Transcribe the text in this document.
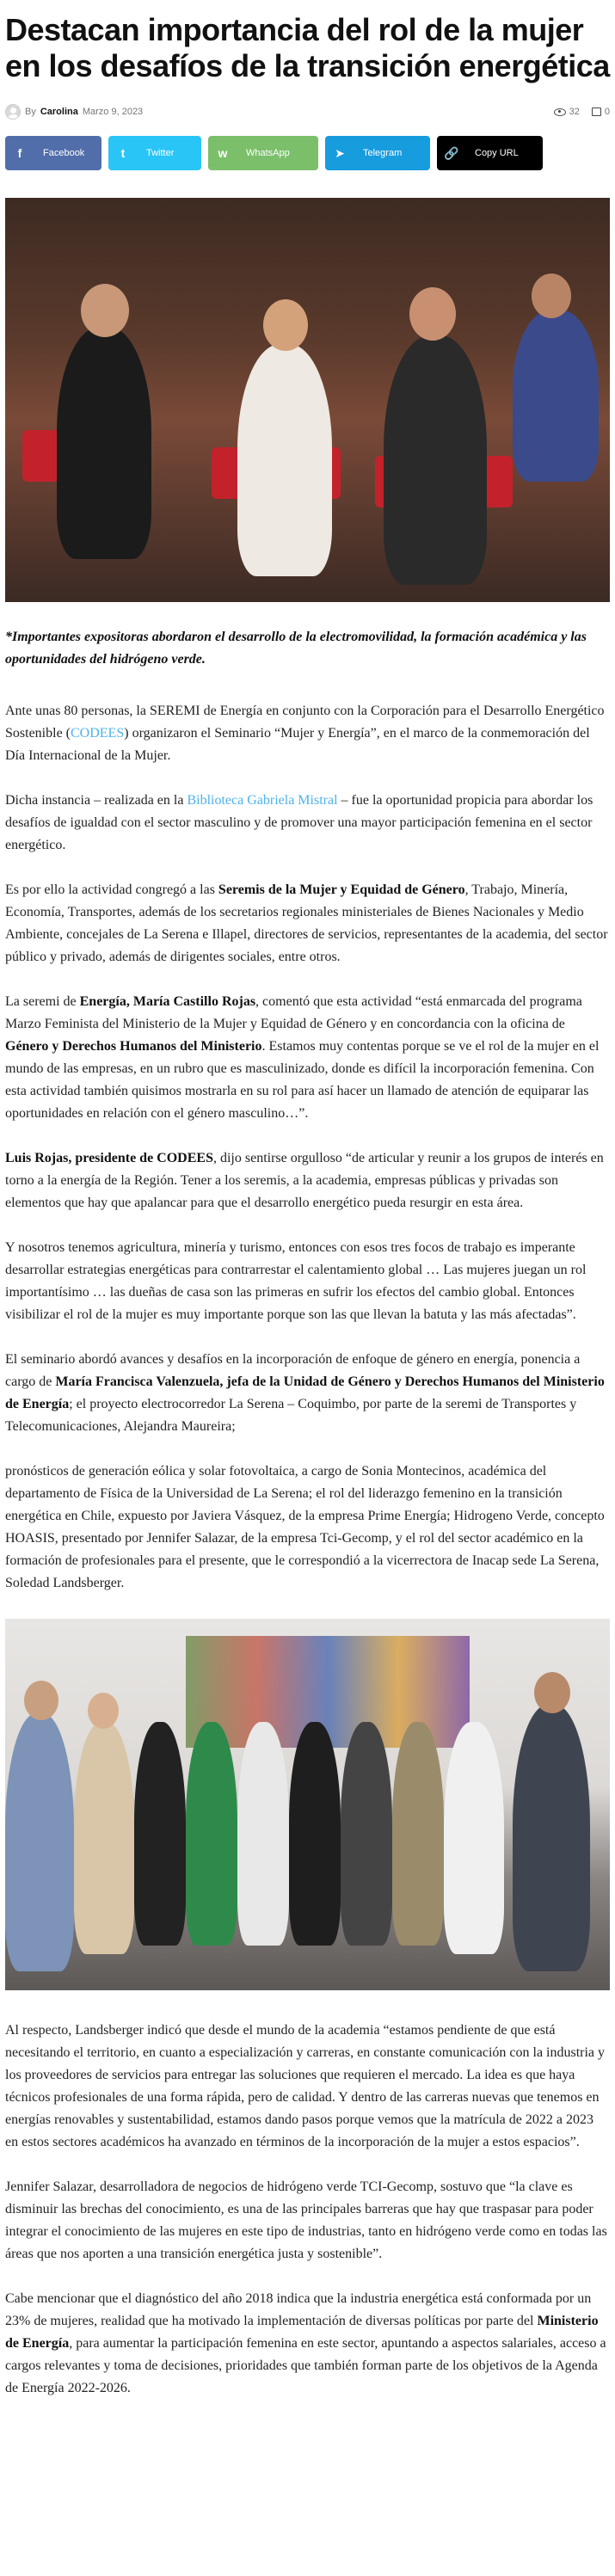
Destacan importancia del rol de la mujer en los desafíos de la transición energética
By Carolina Marzo 9, 2023	32	0
f	Facebook	t	Twitter	w	WhatsApp	➤	Telegram	🔗	Copy URL

*Importantes expositoras abordaron el desarrollo de la electromovilidad, la formación académica y las oportunidades del hidrógeno verde.

Ante unas 80 personas, la SEREMI de Energía en conjunto con la Corporación para el Desarrollo Energético Sostenible (CODEES) organizaron el Seminario “Mujer y Energía”, en el marco de la conmemoración del Día Internacional de la Mujer.

Dicha instancia – realizada en la Biblioteca Gabriela Mistral – fue la oportunidad propicia para abordar los desafíos de igualdad con el sector masculino y de promover una mayor participación femenina en el sector energético.

Es por ello la actividad congregó a las Seremis de la Mujer y Equidad de Género, Trabajo, Minería, Economía, Transportes, además de los secretarios regionales ministeriales de Bienes Nacionales y Medio Ambiente, concejales de La Serena e Illapel, directores de servicios, representantes de la academia, del sector público y privado, además de dirigentes sociales, entre otros.

La seremi de Energía, María Castillo Rojas, comentó que esta actividad “está enmarcada del programa Marzo Feminista del Ministerio de la Mujer y Equidad de Género y en concordancia con la oficina de Género y Derechos Humanos del Ministerio. Estamos muy contentas porque se ve el rol de la mujer en el mundo de las empresas, en un rubro que es masculinizado, donde es difícil la incorporación femenina. Con esta actividad también quisimos mostrarla en su rol para así hacer un llamado de atención de equiparar las oportunidades en relación con el género masculino…”.

Luis Rojas, presidente de CODEES, dijo sentirse orgulloso “de articular y reunir a los grupos de interés en torno a la energía de la Región. Tener a los seremis, a la academia, empresas públicas y privadas son elementos que hay que apalancar para que el desarrollo energético pueda resurgir en esta área.

Y nosotros tenemos agricultura, minería y turismo, entonces con esos tres focos de trabajo es imperante desarrollar estrategias energéticas para contrarrestar el calentamiento global … Las mujeres juegan un rol importantísimo … las dueñas de casa son las primeras en sufrir los efectos del cambio global. Entonces visibilizar el rol de la mujer es muy importante porque son las que llevan la batuta y las más afectadas”.

El seminario abordó avances y desafíos en la incorporación de enfoque de género en energía, ponencia a cargo de María Francisca Valenzuela, jefa de la Unidad de Género y Derechos Humanos del Ministerio de Energía; el proyecto electrocorredor La Serena – Coquimbo, por parte de la seremi de Transportes y Telecomunicaciones, Alejandra Maureira;

pronósticos de generación eólica y solar fotovoltaica, a cargo de Sonia Montecinos, académica del departamento de Física de la Universidad de La Serena; el rol del liderazgo femenino en la transición energética en Chile, expuesto por Javiera Vásquez, de la empresa Prime Energía; Hidrogeno Verde, concepto HOASIS, presentado por Jennifer Salazar, de la empresa Tci-Gecomp, y el rol del sector académico en la formación de profesionales para el presente, que le correspondió a la vicerrectora de Inacap sede La Serena, Soledad Landsberger.

Al respecto, Landsberger indicó que desde el mundo de la academia “estamos pendiente de que está necesitando el territorio, en cuanto a especialización y carreras, en constante comunicación con la industria y los proveedores de servicios para entregar las soluciones que requieren el mercado. La idea es que haya técnicos profesionales de una forma rápida, pero de calidad. Y dentro de las carreras nuevas que tenemos en energías renovables y sustentabilidad, estamos dando pasos porque vemos que la matrícula de 2022 a 2023 en estos sectores académicos ha avanzado en términos de la incorporación de la mujer a estos espacios”.

Jennifer Salazar, desarrolladora de negocios de hidrógeno verde TCI-Gecomp, sostuvo que “la clave es disminuir las brechas del conocimiento, es una de las principales barreras que hay que traspasar para poder integrar el conocimiento de las mujeres en este tipo de industrias, tanto en hidrógeno verde como en todas las áreas que nos aporten a una transición energética justa y sostenible”.

Cabe mencionar que el diagnóstico del año 2018 indica que la industria energética está conformada por un 23% de mujeres, realidad que ha motivado la implementación de diversas políticas por parte del Ministerio de Energía, para aumentar la participación femenina en este sector, apuntando a aspectos salariales, acceso a cargos relevantes y toma de decisiones, prioridades que también forman parte de los objetivos de la Agenda de Energía 2022-2026.
